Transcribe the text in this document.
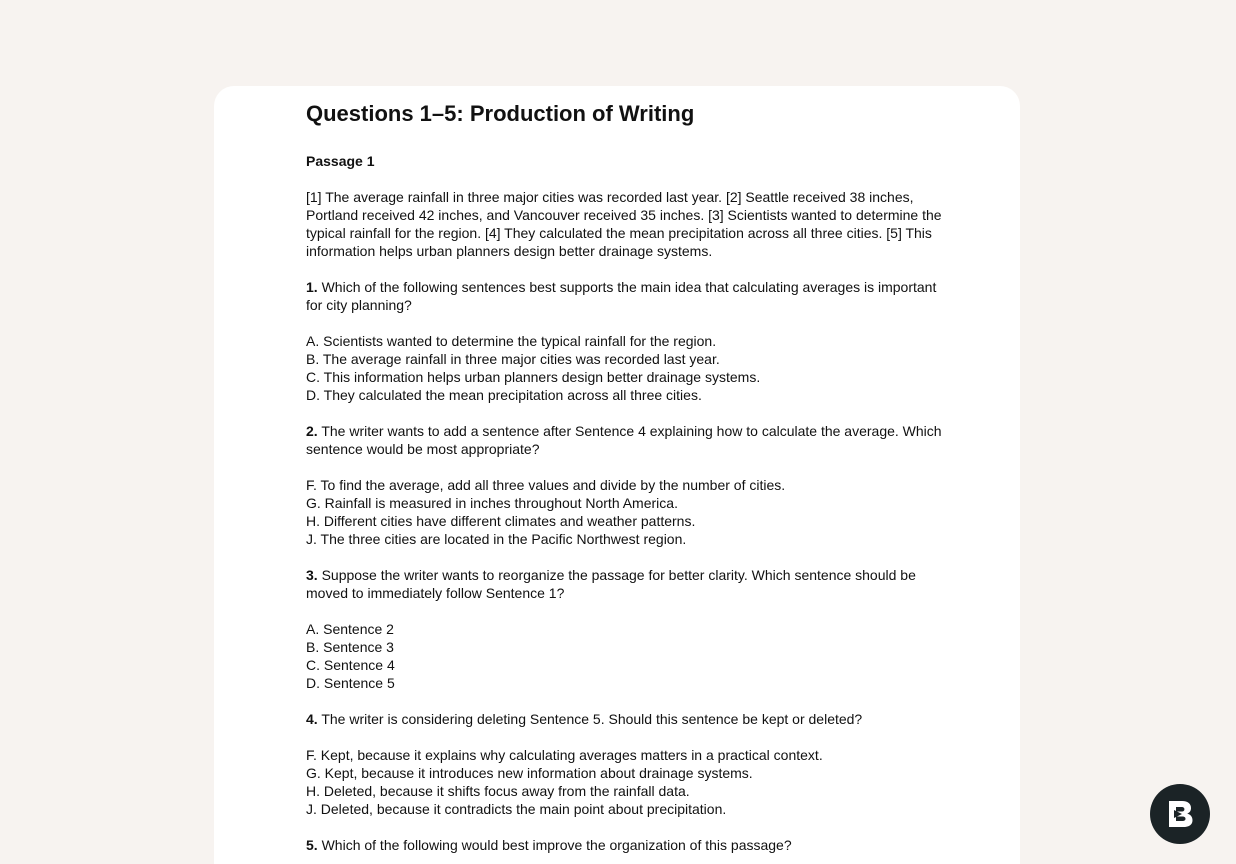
Questions 1–5: Production of Writing
Passage 1
[1] The average rainfall in three major cities was recorded last year. [2] Seattle received 38 inches, Portland received 42 inches, and Vancouver received 35 inches. [3] Scientists wanted to determine the typical rainfall for the region. [4] They calculated the mean precipitation across all three cities. [5] This information helps urban planners design better drainage systems.
1. Which of the following sentences best supports the main idea that calculating averages is important for city planning?
A. Scientists wanted to determine the typical rainfall for the region.
B. The average rainfall in three major cities was recorded last year.
C. This information helps urban planners design better drainage systems.
D. They calculated the mean precipitation across all three cities.
2. The writer wants to add a sentence after Sentence 4 explaining how to calculate the average. Which sentence would be most appropriate?
F. To find the average, add all three values and divide by the number of cities.
G. Rainfall is measured in inches throughout North America.
H. Different cities have different climates and weather patterns.
J. The three cities are located in the Pacific Northwest region.
3. Suppose the writer wants to reorganize the passage for better clarity. Which sentence should be moved to immediately follow Sentence 1?
A. Sentence 2
B. Sentence 3
C. Sentence 4
D. Sentence 5
4. The writer is considering deleting Sentence 5. Should this sentence be kept or deleted?
F. Kept, because it explains why calculating averages matters in a practical context.
G. Kept, because it introduces new information about drainage systems.
H. Deleted, because it shifts focus away from the rainfall data.
J. Deleted, because it contradicts the main point about precipitation.
5. Which of the following would best improve the organization of this passage?
